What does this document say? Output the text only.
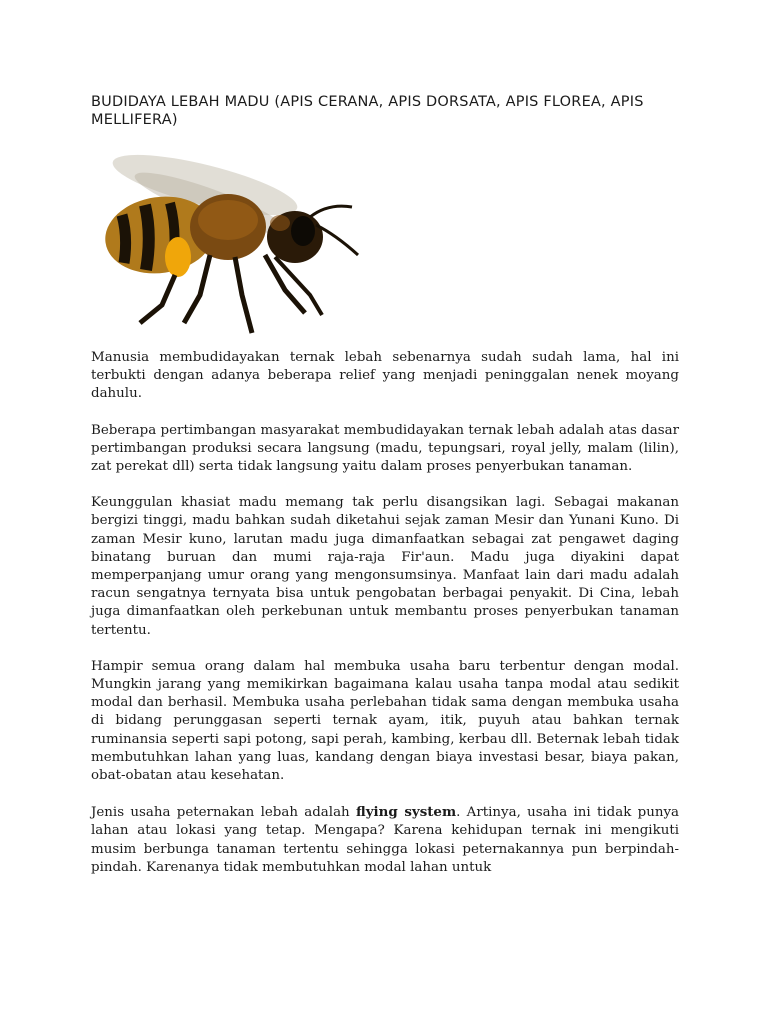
BUDIDAYA LEBAH MADU (APIS CERANA, APIS DORSATA, APIS FLOREA, APIS MELLIFERA)

Manusia membudidayakan ternak lebah sebenarnya sudah sudah lama, hal ini terbukti dengan adanya beberapa relief yang menjadi peninggalan nenek moyang dahulu.

Beberapa pertimbangan masyarakat membudidayakan ternak lebah adalah atas dasar pertimbangan produksi secara langsung (madu, tepungsari, royal jelly, malam (lilin), zat perekat dll) serta tidak langsung yaitu dalam proses penyerbukan tanaman.

Keunggulan khasiat madu memang tak perlu disangsikan lagi. Sebagai makanan bergizi tinggi, madu bahkan sudah diketahui sejak zaman Mesir dan Yunani Kuno. Di zaman Mesir kuno, larutan madu juga dimanfaatkan sebagai zat pengawet daging binatang buruan dan mumi raja-raja Fir'aun. Madu juga diyakini dapat memperpanjang umur orang yang mengonsumsinya. Manfaat lain dari madu adalah racun sengatnya ternyata bisa untuk pengobatan berbagai penyakit. Di Cina, lebah juga dimanfaatkan oleh perkebunan untuk membantu proses penyerbukan tanaman tertentu.

Hampir semua orang dalam hal membuka usaha baru terbentur dengan modal. Mungkin jarang yang memikirkan bagaimana kalau usaha tanpa modal atau sedikit modal dan berhasil. Membuka usaha perlebahan tidak sama dengan membuka usaha di bidang perunggasan seperti ternak ayam, itik, puyuh atau bahkan ternak ruminansia seperti sapi potong, sapi perah, kambing, kerbau dll. Beternak lebah tidak membutuhkan lahan yang luas, kandang dengan biaya investasi besar, biaya pakan, obat-obatan atau kesehatan.

Jenis usaha peternakan lebah adalah flying system. Artinya, usaha ini tidak punya lahan atau lokasi yang tetap. Mengapa? Karena kehidupan ternak ini mengikuti musim berbunga tanaman tertentu sehingga lokasi peternakannya pun berpindah-pindah. Karenanya tidak membutuhkan modal lahan untuk
